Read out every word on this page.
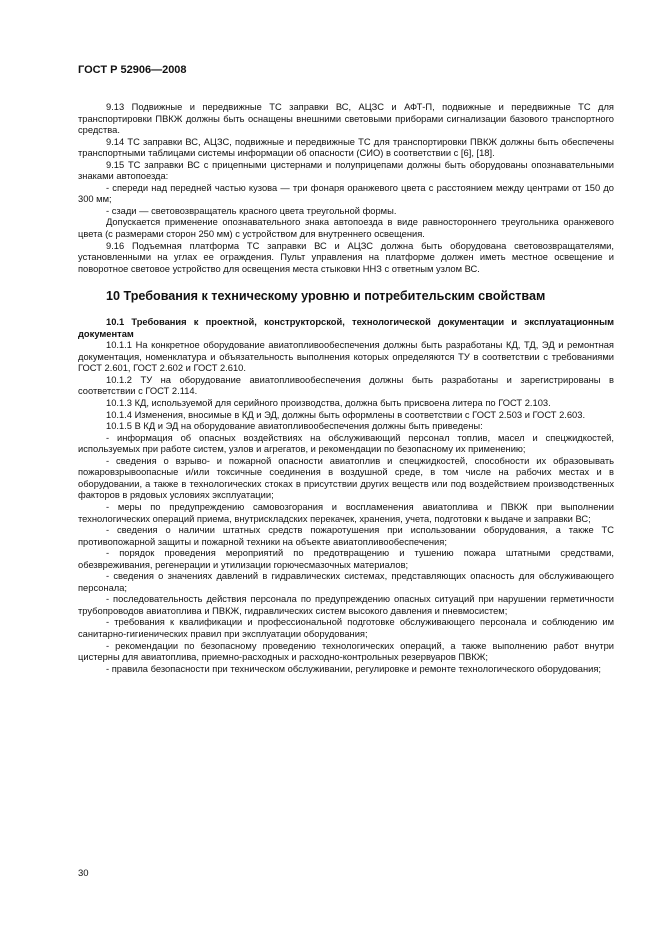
ГОСТ Р 52906—2008

9.13 Подвижные и передвижные ТС заправки ВС, АЦЗС и АФТ-П, подвижные и передвижные ТС для транспортировки ПВКЖ должны быть оснащены внешними световыми приборами сигнализации базового транспортного средства.

9.14 ТС заправки ВС, АЦЗС, подвижные и передвижные ТС для транспортировки ПВКЖ должны быть обеспечены транспортными таблицами системы информации об опасности (СИО) в соответствии с [6], [18].

9.15 ТС заправки ВС с прицепными цистернами и полуприцепами должны быть оборудованы опознавательными знаками автопоезда:

- спереди над передней частью кузова — три фонаря оранжевого цвета с расстоянием между центрами от 150 до 300 мм;

- сзади — световозвращатель красного цвета треугольной формы.

Допускается применение опознавательного знака автопоезда в виде равностороннего треугольника оранжевого цвета (с размерами сторон 250 мм) с устройством для внутреннего освещения.

9.16 Подъемная платформа ТС заправки ВС и АЦЗС должна быть оборудована световозвращателями, установленными на углах ее ограждения. Пульт управления на платформе должен иметь местное освещение и поворотное световое устройство для освещения места стыковки ННЗ с ответным узлом ВС.

10 Требования к техническому уровню и потребительским свойствам

10.1 Требования к проектной, конструкторской, технологической документации и эксплуатационным документам

10.1.1 На конкретное оборудование авиатопливообеспечения должны быть разработаны КД, ТД, ЭД и ремонтная документация, номенклатура и объязательность выполнения которых определяются ТУ в соответствии с требованиями ГОСТ 2.601, ГОСТ 2.602 и ГОСТ 2.610.

10.1.2 ТУ на оборудование авиатопливообеспечения должны быть разработаны и зарегистрированы в соответствии с ГОСТ 2.114.

10.1.3 КД, используемой для серийного производства, должна быть присвоена литера по ГОСТ 2.103.

10.1.4 Изменения, вносимые в КД и ЭД, должны быть оформлены в соответствии с ГОСТ 2.503 и ГОСТ 2.603.

10.1.5 В КД и ЭД на оборудование авиатопливообеспечения должны быть приведены:

- информация об опасных воздействиях на обслуживающий персонал топлив, масел и спецжидкостей, используемых при работе систем, узлов и агрегатов, и рекомендации по безопасному их применению;

- сведения о взрыво- и пожарной опасности авиатоплив и спецжидкостей, способности их образовывать пожаровзрывоопасные и/или токсичные соединения в воздушной среде, в том числе на рабочих местах и в оборудовании, а также в технологических стоках в присутствии других веществ или под воздействием производственных факторов в рядовых условиях эксплуатации;

- меры по предупреждению самовозгорания и воспламенения авиатоплива и ПВКЖ при выполнении технологических операций приема, внутрискладских перекачек, хранения, учета, подготовки к выдаче и заправки ВС;

- сведения о наличии штатных средств пожаротушения при использовании оборудования, а также ТС противопожарной защиты и пожарной техники на объекте авиатопливообеспечения;

- порядок проведения мероприятий по предотвращению и тушению пожара штатными средствами, обезвреживания, регенерации и утилизации горючесмазочных материалов;

- сведения о значениях давлений в гидравлических системах, представляющих опасность для обслуживающего персонала;

- последовательность действия персонала по предупреждению опасных ситуаций при нарушении герметичности трубопроводов авиатоплива и ПВКЖ, гидравлических систем высокого давления и пневмосистем;

- требования к квалификации и профессиональной подготовке обслуживающего персонала и соблюдению им санитарно-гигиенических правил при эксплуатации оборудования;

- рекомендации по безопасному проведению технологических операций, а также выполнению работ внутри цистерны для авиатоплива, приемно-расходных и расходно-контрольных резервуаров ПВКЖ;

- правила безопасности при техническом обслуживании, регулировке и ремонте технологического оборудования;

30
